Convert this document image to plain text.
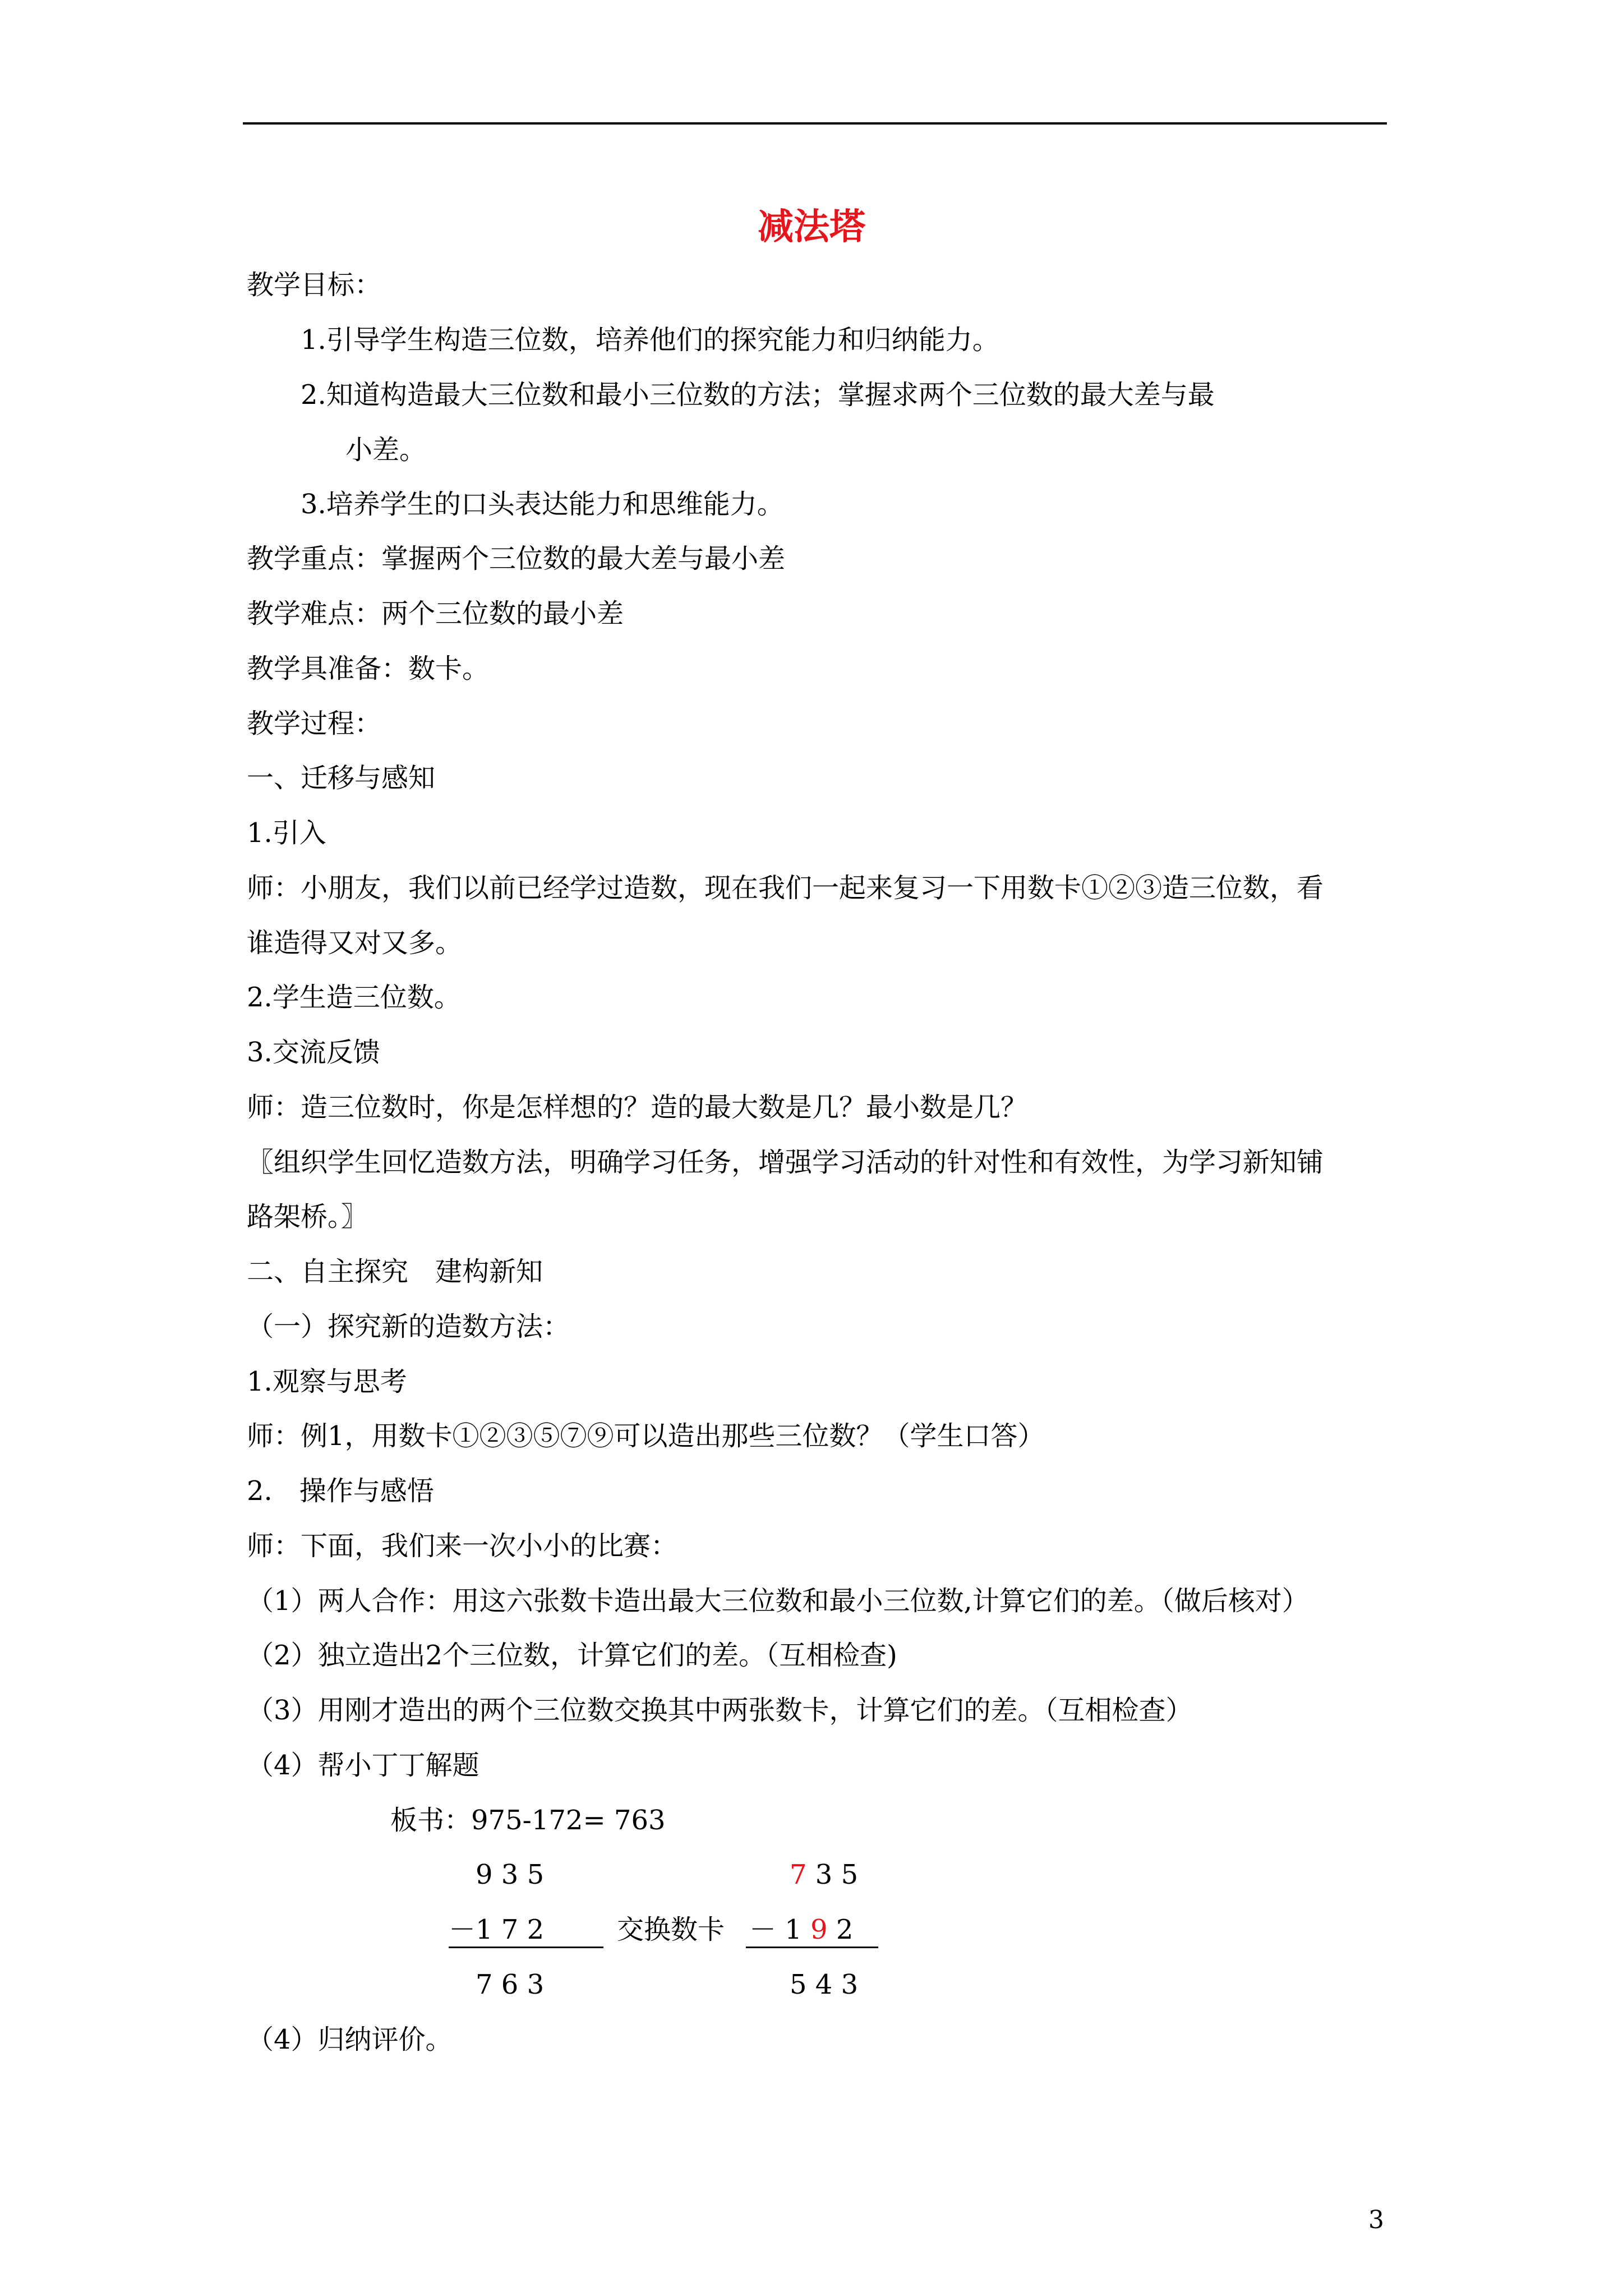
减法塔
教学目标：
1.引导学生构造三位数，培养他们的探究能力和归纳能力。
2.知道构造最大三位数和最小三位数的方法；掌握求两个三位数的最大差与最
小差。
3.培养学生的口头表达能力和思维能力。
教学重点：掌握两个三位数的最大差与最小差
教学难点：两个三位数的最小差
教学具准备：数卡。
教学过程：
一、迁移与感知
1.引入
师：小朋友，我们以前已经学过造数，现在我们一起来复习一下用数卡①②③造三位数，看
谁造得又对又多。
2.学生造三位数。
3.交流反馈
师：造三位数时，你是怎样想的？造的最大数是几？最小数是几？
〖组织学生回忆造数方法，明确学习任务，增强学习活动的针对性和有效性，为学习新知铺
路架桥。〗
二、自主探究　建构新知
（一）探究新的造数方法：
1.观察与思考
师：例1，用数卡①②③⑤⑦⑨可以造出那些三位数？（学生口答）
2.　操作与感悟
师：下面，我们来一次小小的比赛：
（1）两人合作：用这六张数卡造出最大三位数和最小三位数,计算它们的差。（做后核对）
（2）独立造出2个三位数，计算它们的差。（互相检查)
（3）用刚才造出的两个三位数交换其中两张数卡，计算它们的差。（互相检查）
（4）帮小丁丁解题
板书：975-172= 763
9 3 5
－1 7 2
7 6 3
交换数卡
7 3 5
－ 1 9 2
5 4 3
（4）归纳评价。
3
